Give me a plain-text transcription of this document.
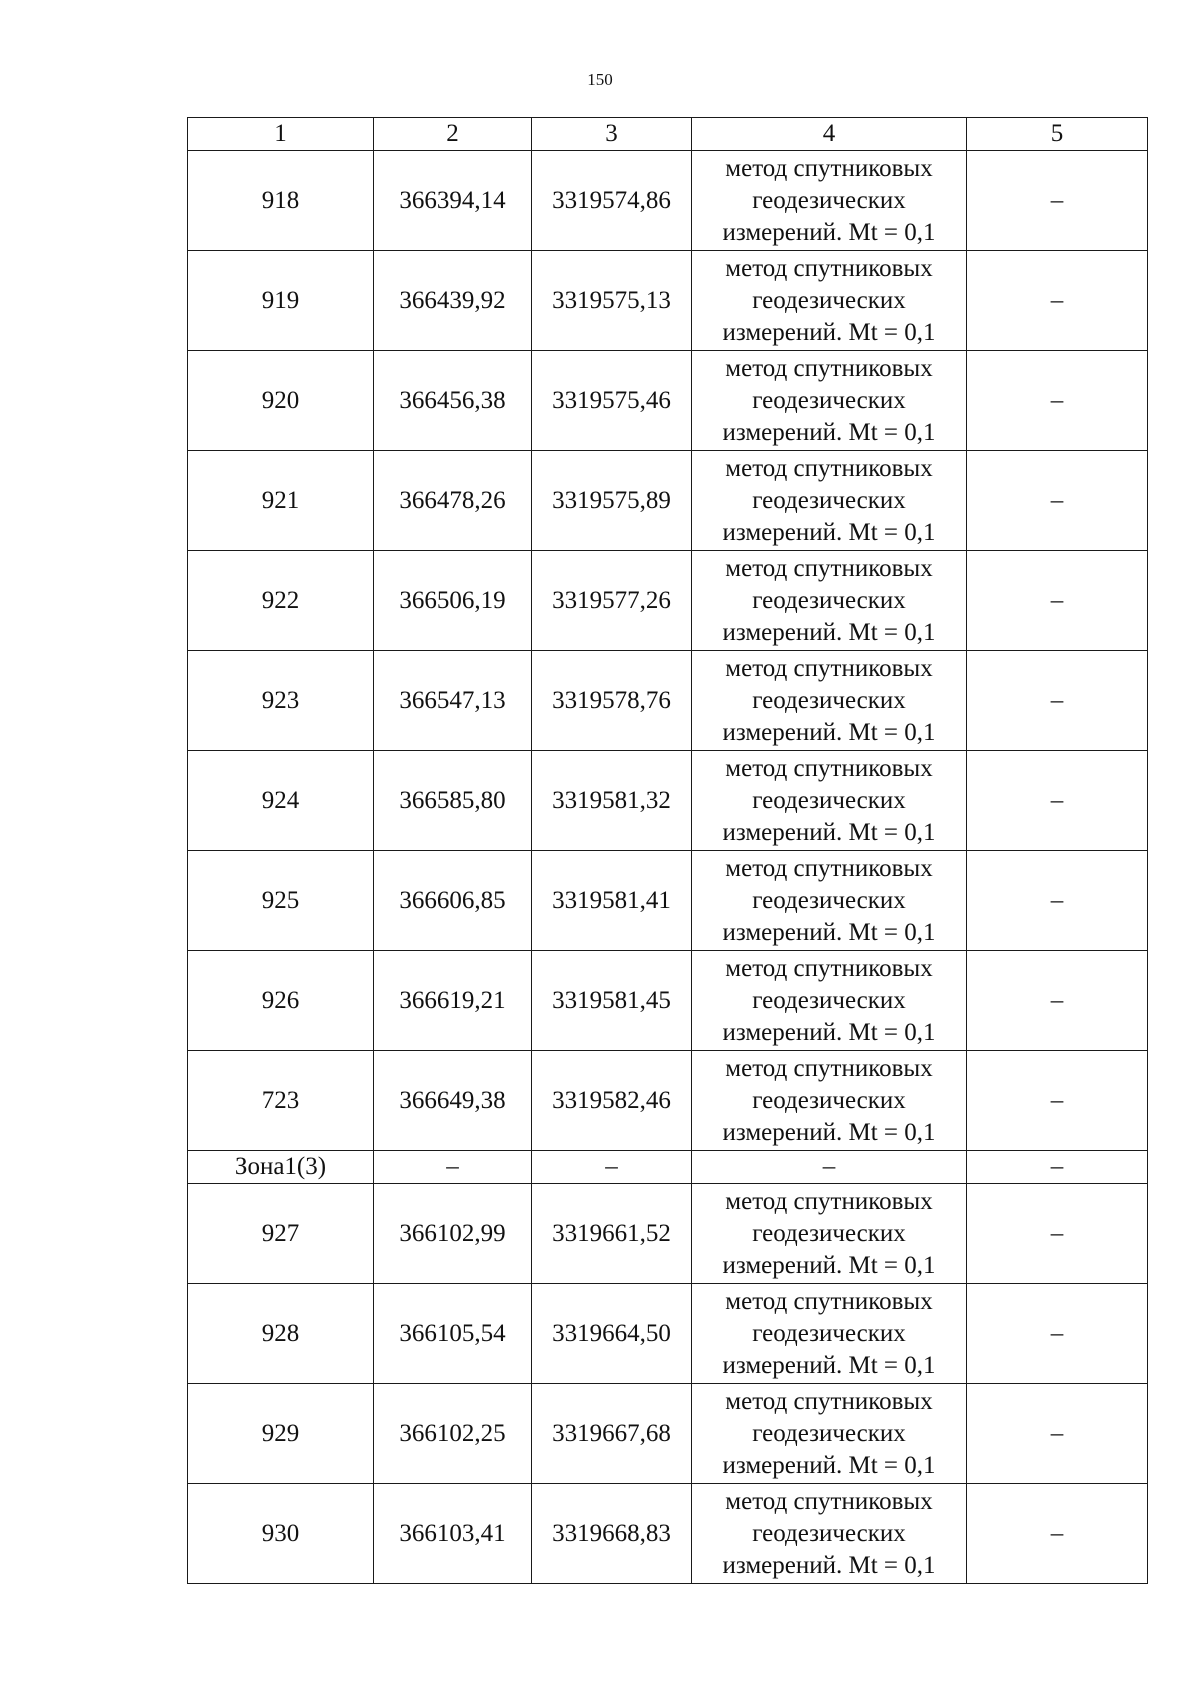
150
1	2	3	4	5
918	366394,14	3319574,86	метод спутниковых
геодезических
измерений. Mt = 0,1	–
919	366439,92	3319575,13	метод спутниковых
геодезических
измерений. Mt = 0,1	–
920	366456,38	3319575,46	метод спутниковых
геодезических
измерений. Mt = 0,1	–
921	366478,26	3319575,89	метод спутниковых
геодезических
измерений. Mt = 0,1	–
922	366506,19	3319577,26	метод спутниковых
геодезических
измерений. Mt = 0,1	–
923	366547,13	3319578,76	метод спутниковых
геодезических
измерений. Mt = 0,1	–
924	366585,80	3319581,32	метод спутниковых
геодезических
измерений. Mt = 0,1	–
925	366606,85	3319581,41	метод спутниковых
геодезических
измерений. Mt = 0,1	–
926	366619,21	3319581,45	метод спутниковых
геодезических
измерений. Mt = 0,1	–
723	366649,38	3319582,46	метод спутниковых
геодезических
измерений. Mt = 0,1	–
Зона1(3)	–	–	–	–
927	366102,99	3319661,52	метод спутниковых
геодезических
измерений. Mt = 0,1	–
928	366105,54	3319664,50	метод спутниковых
геодезических
измерений. Mt = 0,1	–
929	366102,25	3319667,68	метод спутниковых
геодезических
измерений. Mt = 0,1	–
930	366103,41	3319668,83	метод спутниковых
геодезических
измерений. Mt = 0,1	–
